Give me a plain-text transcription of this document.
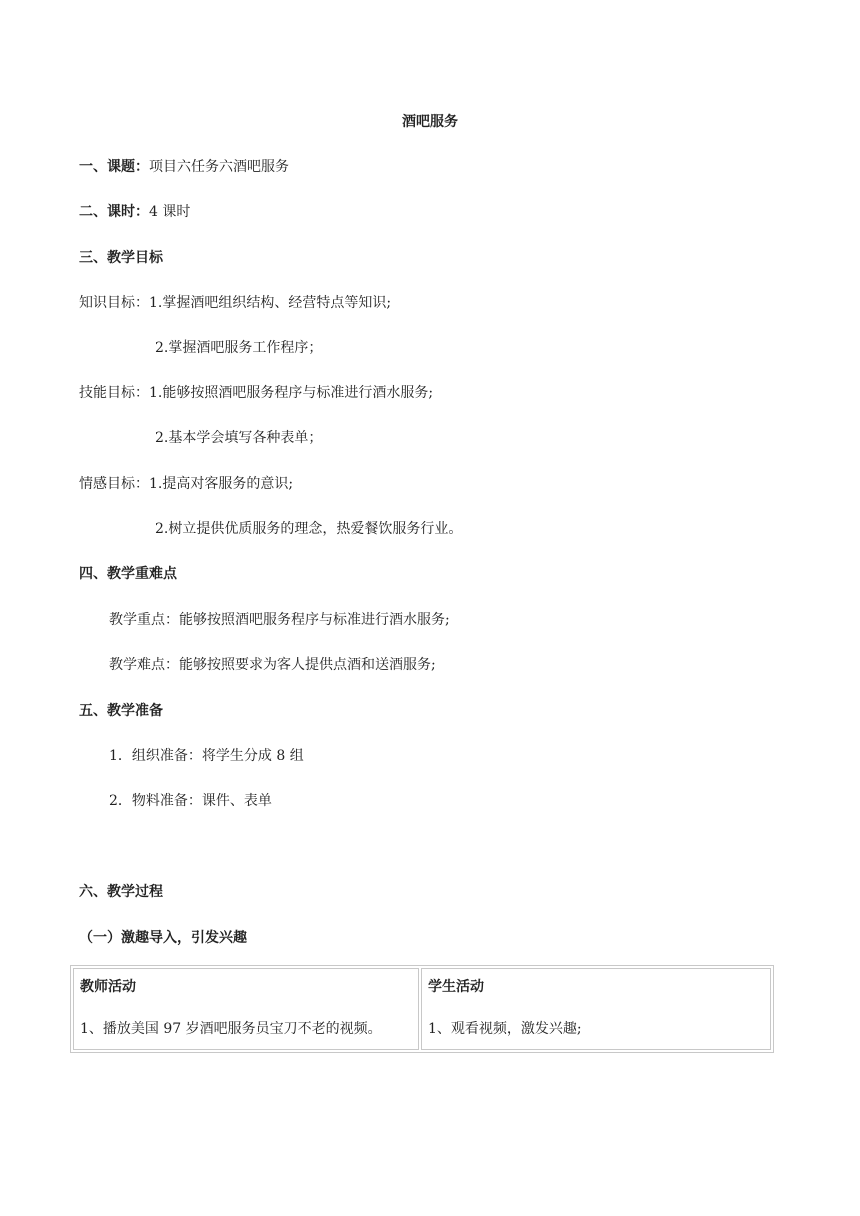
酒吧服务
一、课题：项目六任务六酒吧服务
二、课时：4 课时
三、教学目标
知识目标：1.掌握酒吧组织结构、经营特点等知识;
2.掌握酒吧服务工作程序；
技能目标：1.能够按照酒吧服务程序与标准进行酒水服务;
2.基本学会填写各种表单；
情感目标：1.提高对客服务的意识;
2.树立提供优质服务的理念，热爱餐饮服务行业。
四、教学重难点
教学重点：能够按照酒吧服务程序与标准进行酒水服务;
教学难点：能够按照要求为客人提供点酒和送酒服务;
五、教学准备
1．组织准备：将学生分成 8 组
2．物料准备：课件、表单
六、教学过程
（一）激趣导入，引发兴趣
教师活动
1、播放美国 97 岁酒吧服务员宝刀不老的视频。

学生活动
1、观看视频，激发兴趣;
